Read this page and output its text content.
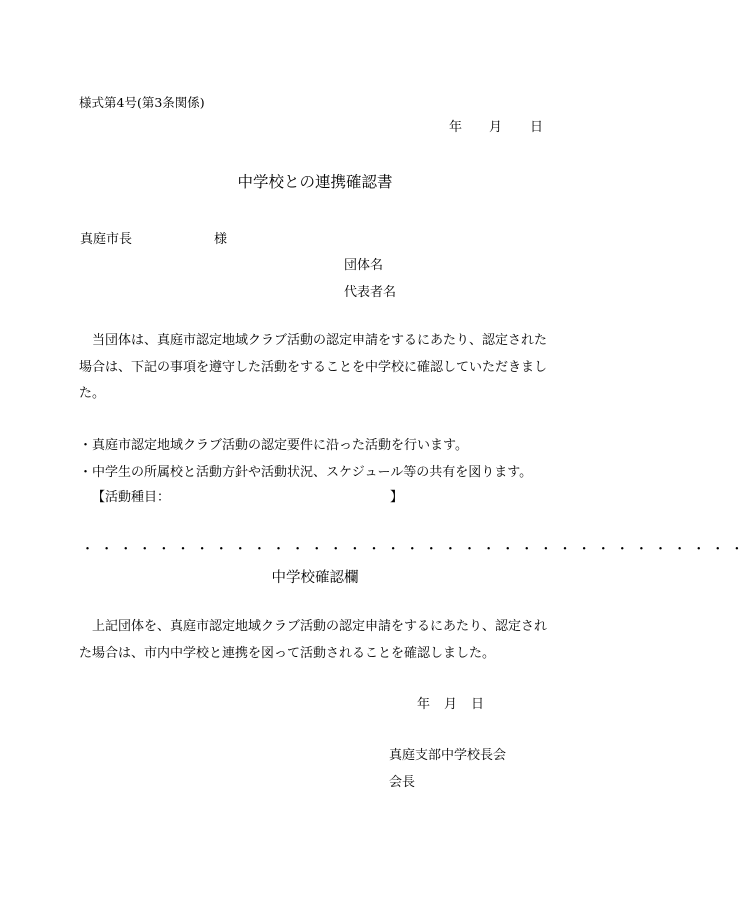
様式第4号(第3条関係)
年 月 日
中学校との連携確認書
真庭市長	様
団体名
代表者名
当団体は、真庭市認定地域クラブ活動の認定申請をするにあたり、認定された
場合は、下記の事項を遵守した活動をすることを中学校に確認していただきまし
た。
・真庭市認定地域クラブ活動の認定要件に沿った活動を行います。
・中学生の所属校と活動方針や活動状況、スケジュール等の共有を図ります。
【活動種目：	】
・・・・・・・・・・・・・・・・・・・・・・・・・・・・・・・・・・・
中学校確認欄
上記団体を、真庭市認定地域クラブ活動の認定申請をするにあたり、認定され
た場合は、市内中学校と連携を図って活動されることを確認しました。
年 月 日
真庭支部中学校長会
会長
